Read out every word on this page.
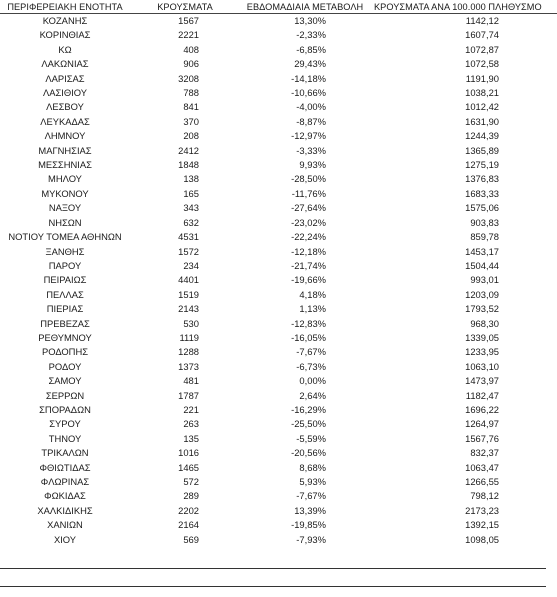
ΠΕΡΙΦΕΡΕΙΑΚΗ ΕΝΟΤΗΤΑ	ΚΡΟΥΣΜΑΤΑ	ΕΒΔΟΜΑΔΙΑΙΑ ΜΕΤΑΒΟΛΗ	ΚΡΟΥΣΜΑΤΑ ΑΝΑ 100.000 ΠΛΗΘΥΣΜΟ
ΚΟΖΑΝΗΣ	1567	13,30%	1142,12
ΚΟΡΙΝΘΙΑΣ	2221	-2,33%	1607,74
ΚΩ	408	-6,85%	1072,87
ΛΑΚΩΝΙΑΣ	906	29,43%	1072,58
ΛΑΡΙΣΑΣ	3208	-14,18%	1191,90
ΛΑΣΙΘΙΟΥ	788	-10,66%	1038,21
ΛΕΣΒΟΥ	841	-4,00%	1012,42
ΛΕΥΚΑΔΑΣ	370	-8,87%	1631,90
ΛΗΜΝΟΥ	208	-12,97%	1244,39
ΜΑΓΝΗΣΙΑΣ	2412	-3,33%	1365,89
ΜΕΣΣΗΝΙΑΣ	1848	9,93%	1275,19
ΜΗΛΟΥ	138	-28,50%	1376,83
ΜΥΚΟΝΟΥ	165	-11,76%	1683,33
ΝΑΞΟΥ	343	-27,64%	1575,06
ΝΗΣΩΝ	632	-23,02%	903,83
ΝΟΤΙΟΥ ΤΟΜΕΑ ΑΘΗΝΩΝ	4531	-22,24%	859,78
ΞΑΝΘΗΣ	1572	-12,18%	1453,17
ΠΑΡΟΥ	234	-21,74%	1504,44
ΠΕΙΡΑΙΩΣ	4401	-19,66%	993,01
ΠΕΛΛΑΣ	1519	4,18%	1203,09
ΠΙΕΡΙΑΣ	2143	1,13%	1793,52
ΠΡΕΒΕΖΑΣ	530	-12,83%	968,30
ΡΕΘΥΜΝΟΥ	1119	-16,05%	1339,05
ΡΟΔΟΠΗΣ	1288	-7,67%	1233,95
ΡΟΔΟΥ	1373	-6,73%	1063,10
ΣΑΜΟΥ	481	0,00%	1473,97
ΣΕΡΡΩΝ	1787	2,64%	1182,47
ΣΠΟΡΑΔΩΝ	221	-16,29%	1696,22
ΣΥΡΟΥ	263	-25,50%	1264,97
ΤΗΝΟΥ	135	-5,59%	1567,76
ΤΡΙΚΑΛΩΝ	1016	-20,56%	832,37
ΦΘΙΩΤΙΔΑΣ	1465	8,68%	1063,47
ΦΛΩΡΙΝΑΣ	572	5,93%	1266,55
ΦΩΚΙΔΑΣ	289	-7,67%	798,12
ΧΑΛΚΙΔΙΚΗΣ	2202	13,39%	2173,23
ΧΑΝΙΩΝ	2164	-19,85%	1392,15
ΧΙΟΥ	569	-7,93%	1098,05
